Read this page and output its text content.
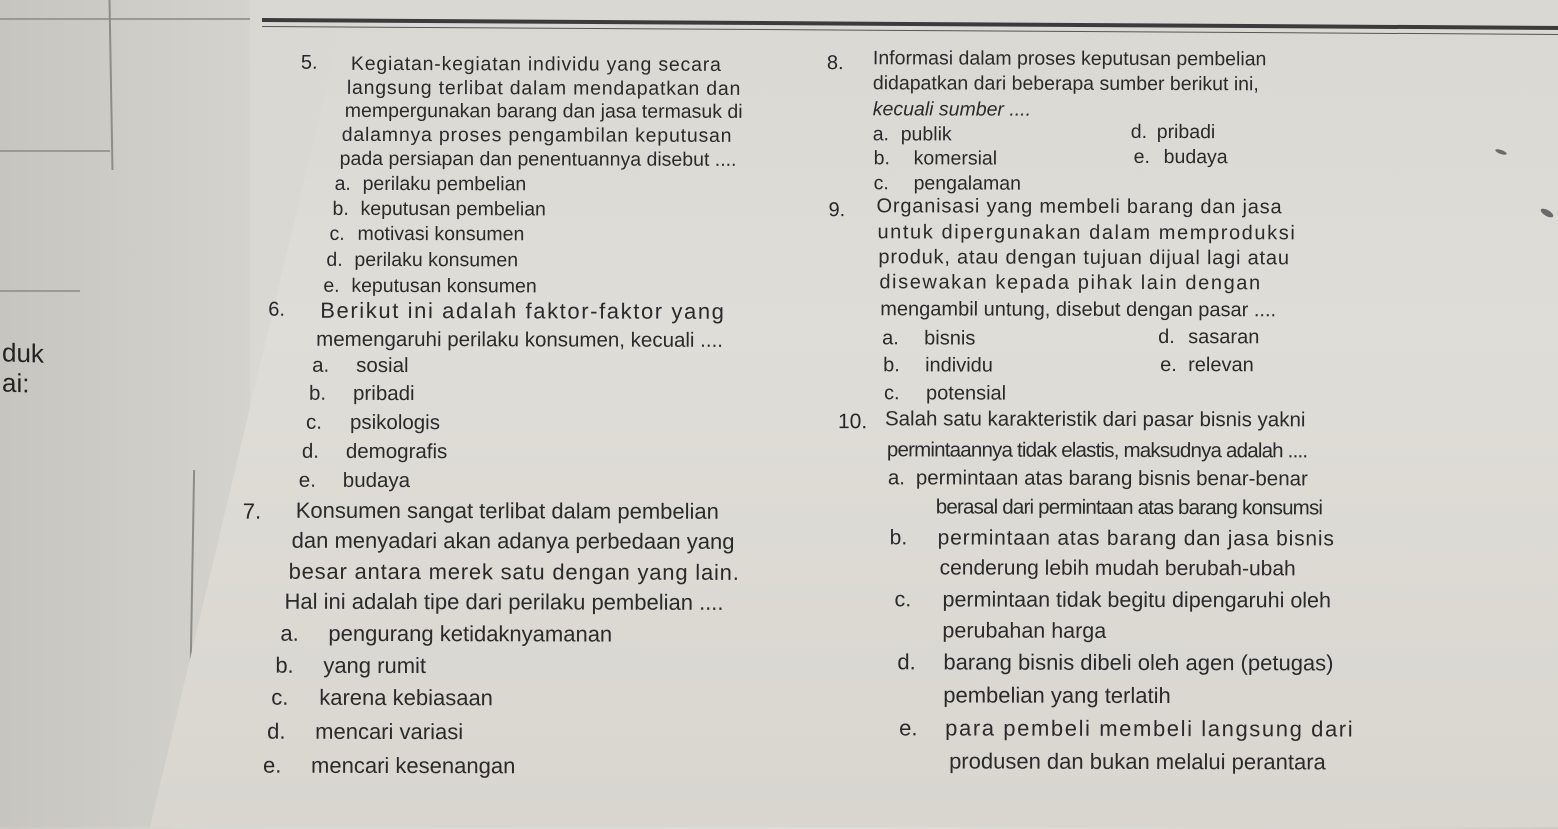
duk
ai:
5. Kegiatan-kegiatan individu yang secara
langsung terlibat dalam mendapatkan dan
mempergunakan barang dan jasa termasuk di
dalamnya proses pengambilan keputusan
pada persiapan dan penentuannya disebut ....
a. perilaku pembelian
b. keputusan pembelian
c. motivasi konsumen
d. perilaku konsumen
e. keputusan konsumen
6. Berikut ini adalah faktor-faktor yang
memengaruhi perilaku konsumen, kecuali ....
a. sosial
b. pribadi
c. psikologis
d. demografis
e. budaya
7. Konsumen sangat terlibat dalam pembelian
dan menyadari akan adanya perbedaan yang
besar antara merek satu dengan yang lain.
Hal ini adalah tipe dari perilaku pembelian ....
a. pengurang ketidaknyamanan
b. yang rumit
c. karena kebiasaan
d. mencari variasi
e. mencari kesenangan
8. Informasi dalam proses keputusan pembelian
didapatkan dari beberapa sumber berikut ini,
kecuali sumber ....
a. publik
b. komersial
c. pengalaman
d. pribadi
e. budaya
9. Organisasi yang membeli barang dan jasa
untuk dipergunakan dalam memproduksi
produk, atau dengan tujuan dijual lagi atau
disewakan kepada pihak lain dengan
mengambil untung, disebut dengan pasar ....
a. bisnis
b. individu
c. potensial
d. sasaran
e. relevan
10. Salah satu karakteristik dari pasar bisnis yakni
permintaannya tidak elastis, maksudnya adalah ....
a. permintaan atas barang bisnis benar-benar
berasal dari permintaan atas barang konsumsi
b. permintaan atas barang dan jasa bisnis
cenderung lebih mudah berubah-ubah
c. permintaan tidak begitu dipengaruhi oleh
perubahan harga
d. barang bisnis dibeli oleh agen (petugas)
pembelian yang terlatih
e. para pembeli membeli langsung dari
produsen dan bukan melalui perantara
